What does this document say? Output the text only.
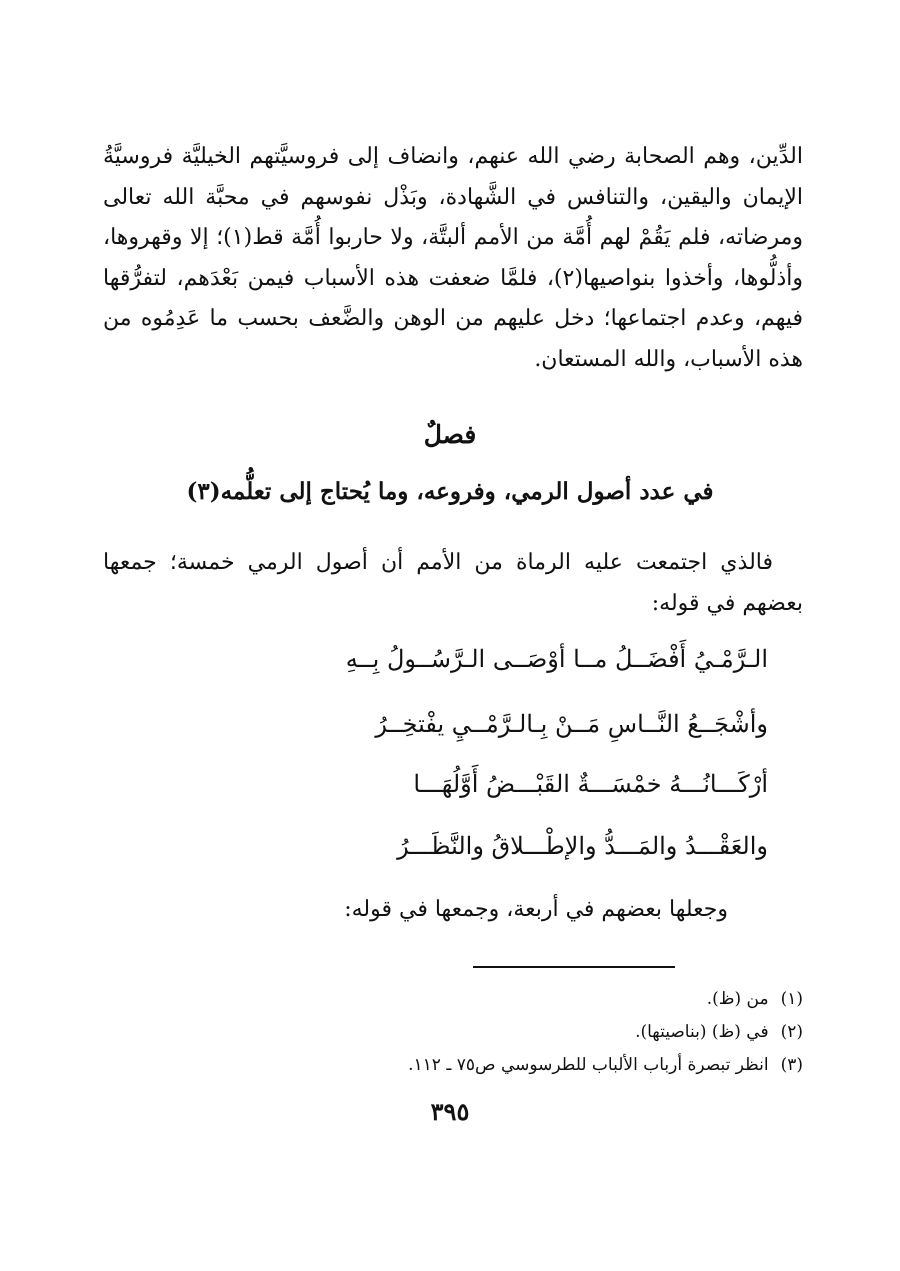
الدِّين، وهم الصحابة رضي الله عنهم، وانضاف إلى فروسيَّتهم الخيليَّة فروسيَّةُ الإيمان واليقين، والتنافس في الشَّهادة، وبَذْل نفوسهم في محبَّة الله تعالى ومرضاته، فلم يَقُمْ لهم أُمَّة من الأمم ألبتَّة، ولا حاربوا أُمَّة قط(١)؛ إلا وقهروها، وأذلُّوها، وأخذوا بنواصيها(٢)، فلمَّا ضعفت هذه الأسباب فيمن بَعْدَهم، لتفرُّقها فيهم، وعدم اجتماعها؛ دخل عليهم من الوهن والضَّعف بحسب ما عَدِمُوه من هذه الأسباب، والله المستعان.

فصلٌ
في عدد أصول الرمي، وفروعه، وما يُحتاج إلى تعلُّمه(٣)

فالذي اجتمعت عليه الرماة من الأمم أن أصول الرمي خمسة؛ جمعها بعضهم في قوله:

الـرَّمْـيُ أَفْضَــلُ مــا أوْصَــى الـرَّسُــولُ بِــهِ

وأشْجَــعُ النَّــاسِ مَــنْ بِـالـرَّمْــيِ يفْتخِــرُ

أرْكَـــانُـــهُ خمْسَـــةٌ القَبْـــضُ أَوَّلُهَـــا

والعَقْـــدُ والمَـــدُّ والإطْـــلاقُ والنَّظَـــرُ

وجعلها بعضهم في أربعة، وجمعها في قوله:

(١)من (ظ).
(٢)في (ظ) (بناصيتها).
(٣)انظر تبصرة أرباب الألباب للطرسوسي ص٧٥ ـ ١١٢.
٣٩٥
